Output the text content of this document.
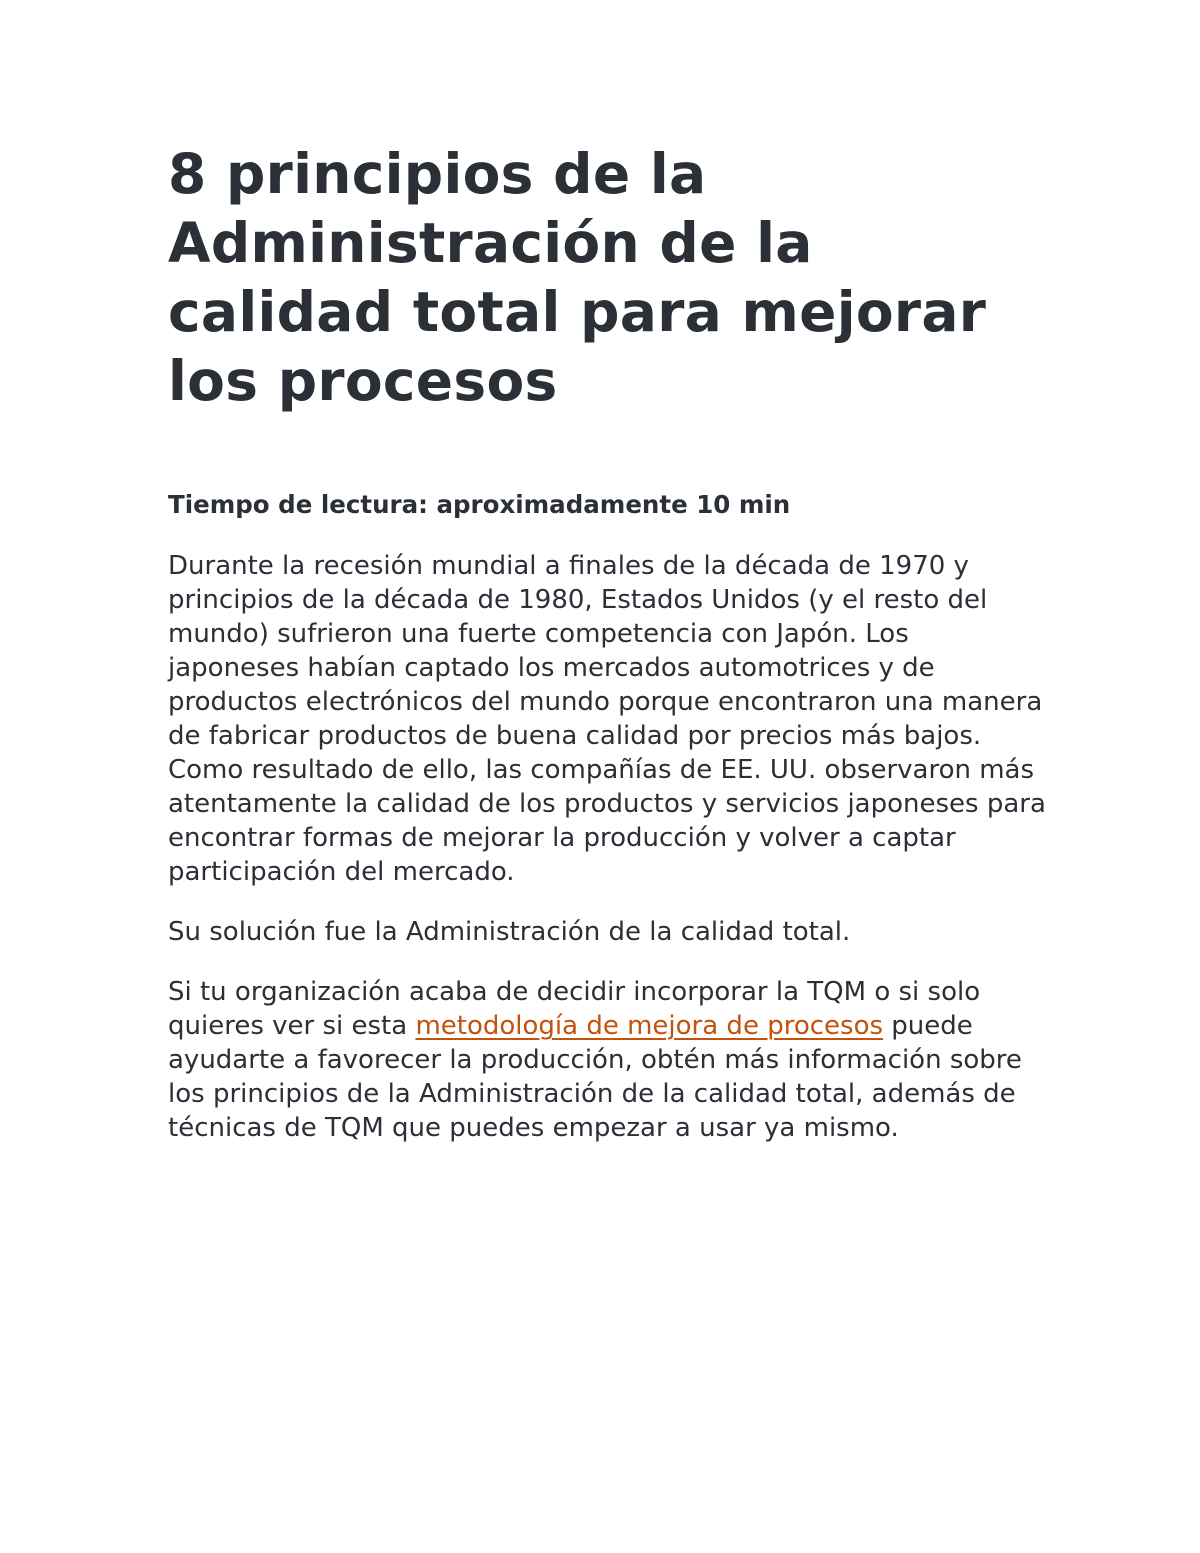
8 principios de la Administración de la calidad total para mejorar los procesos

Tiempo de lectura: aproximadamente 10 min

Durante la recesión mundial a finales de la década de 1970 y principios de la década de 1980, Estados Unidos (y el resto del mundo) sufrieron una fuerte competencia con Japón. Los japoneses habían captado los mercados automotrices y de productos electrónicos del mundo porque encontraron una manera de fabricar productos de buena calidad por precios más bajos. Como resultado de ello, las compañías de EE. UU. observaron más atentamente la calidad de los productos y servicios japoneses para encontrar formas de mejorar la producción y volver a captar participación del mercado.

Su solución fue la Administración de la calidad total.

Si tu organización acaba de decidir incorporar la TQM o si solo quieres ver si esta metodología de mejora de procesos puede ayudarte a favorecer la producción, obtén más información sobre los principios de la Administración de la calidad total, además de técnicas de TQM que puedes empezar a usar ya mismo.
